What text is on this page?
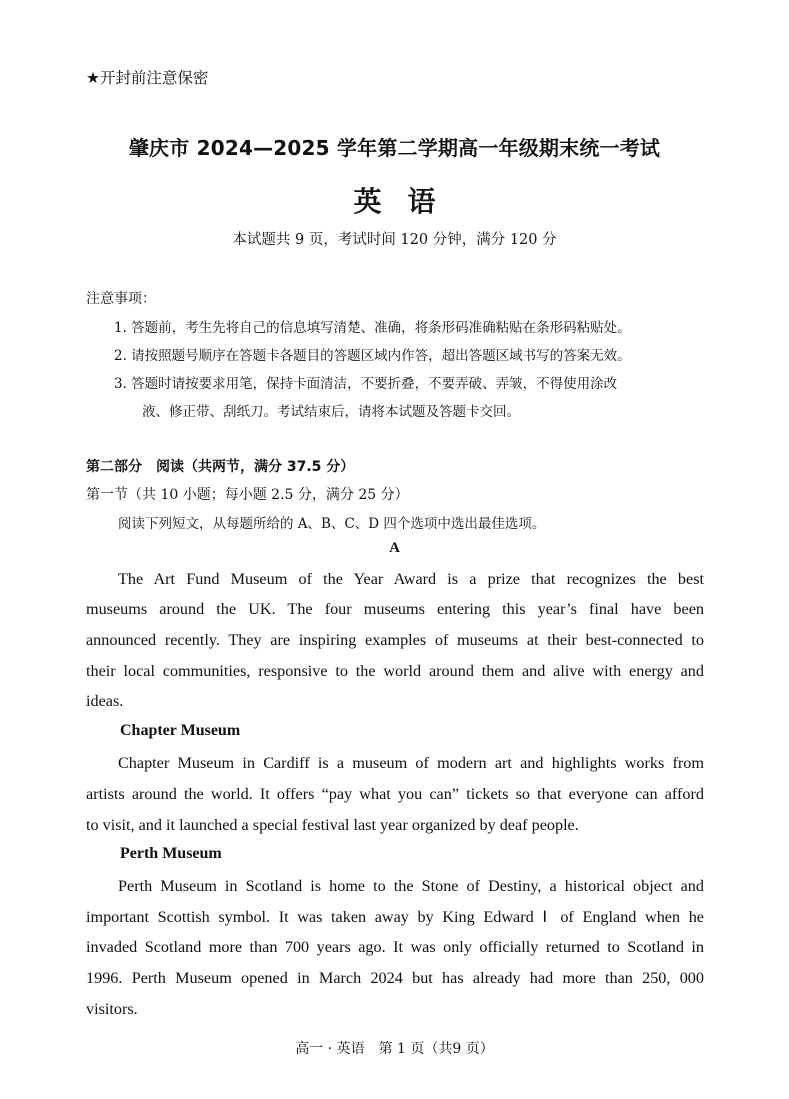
★开封前注意保密
肇庆市 2024—2025 学年第二学期高一年级期末统一考试
英语
本试题共 9 页，考试时间 120 分钟，满分 120 分
注意事项：
1. 答题前，考生先将自己的信息填写清楚、准确，将条形码准确粘贴在条形码粘贴处。
2. 请按照题号顺序在答题卡各题目的答题区域内作答，超出答题区域书写的答案无效。
3. 答题时请按要求用笔，保持卡面清洁，不要折叠，不要弄破、弄皱，不得使用涂改
液、修正带、刮纸刀。考试结束后，请将本试题及答题卡交回。
第二部分　阅读（共两节，满分 37.5 分）
第一节（共 10 小题；每小题 2.5 分，满分 25 分）
阅读下列短文，从每题所给的 A、B、C、D 四个选项中选出最佳选项。
A
The Art Fund Museum of the Year Award is a prize that recognizes the best
museums around the UK. The four museums entering this year’s final have been
announced recently. They are inspiring examples of museums at their best-connected to
their local communities, responsive to the world around them and alive with energy and
ideas.
Chapter Museum
Chapter Museum in Cardiff is a museum of modern art and highlights works from
artists around the world. It offers “pay what you can” tickets so that everyone can afford
to visit, and it launched a special festival last year organized by deaf people.
Perth Museum
Perth Museum in Scotland is home to the Stone of Destiny, a historical object and
important Scottish symbol. It was taken away by King Edward Ⅰ of England when he
invaded Scotland more than 700 years ago. It was only officially returned to Scotland in
1996. Perth Museum opened in March 2024 but has already had more than 250, 000
visitors.
高一 · 英语　第 1 页（共9 页）
